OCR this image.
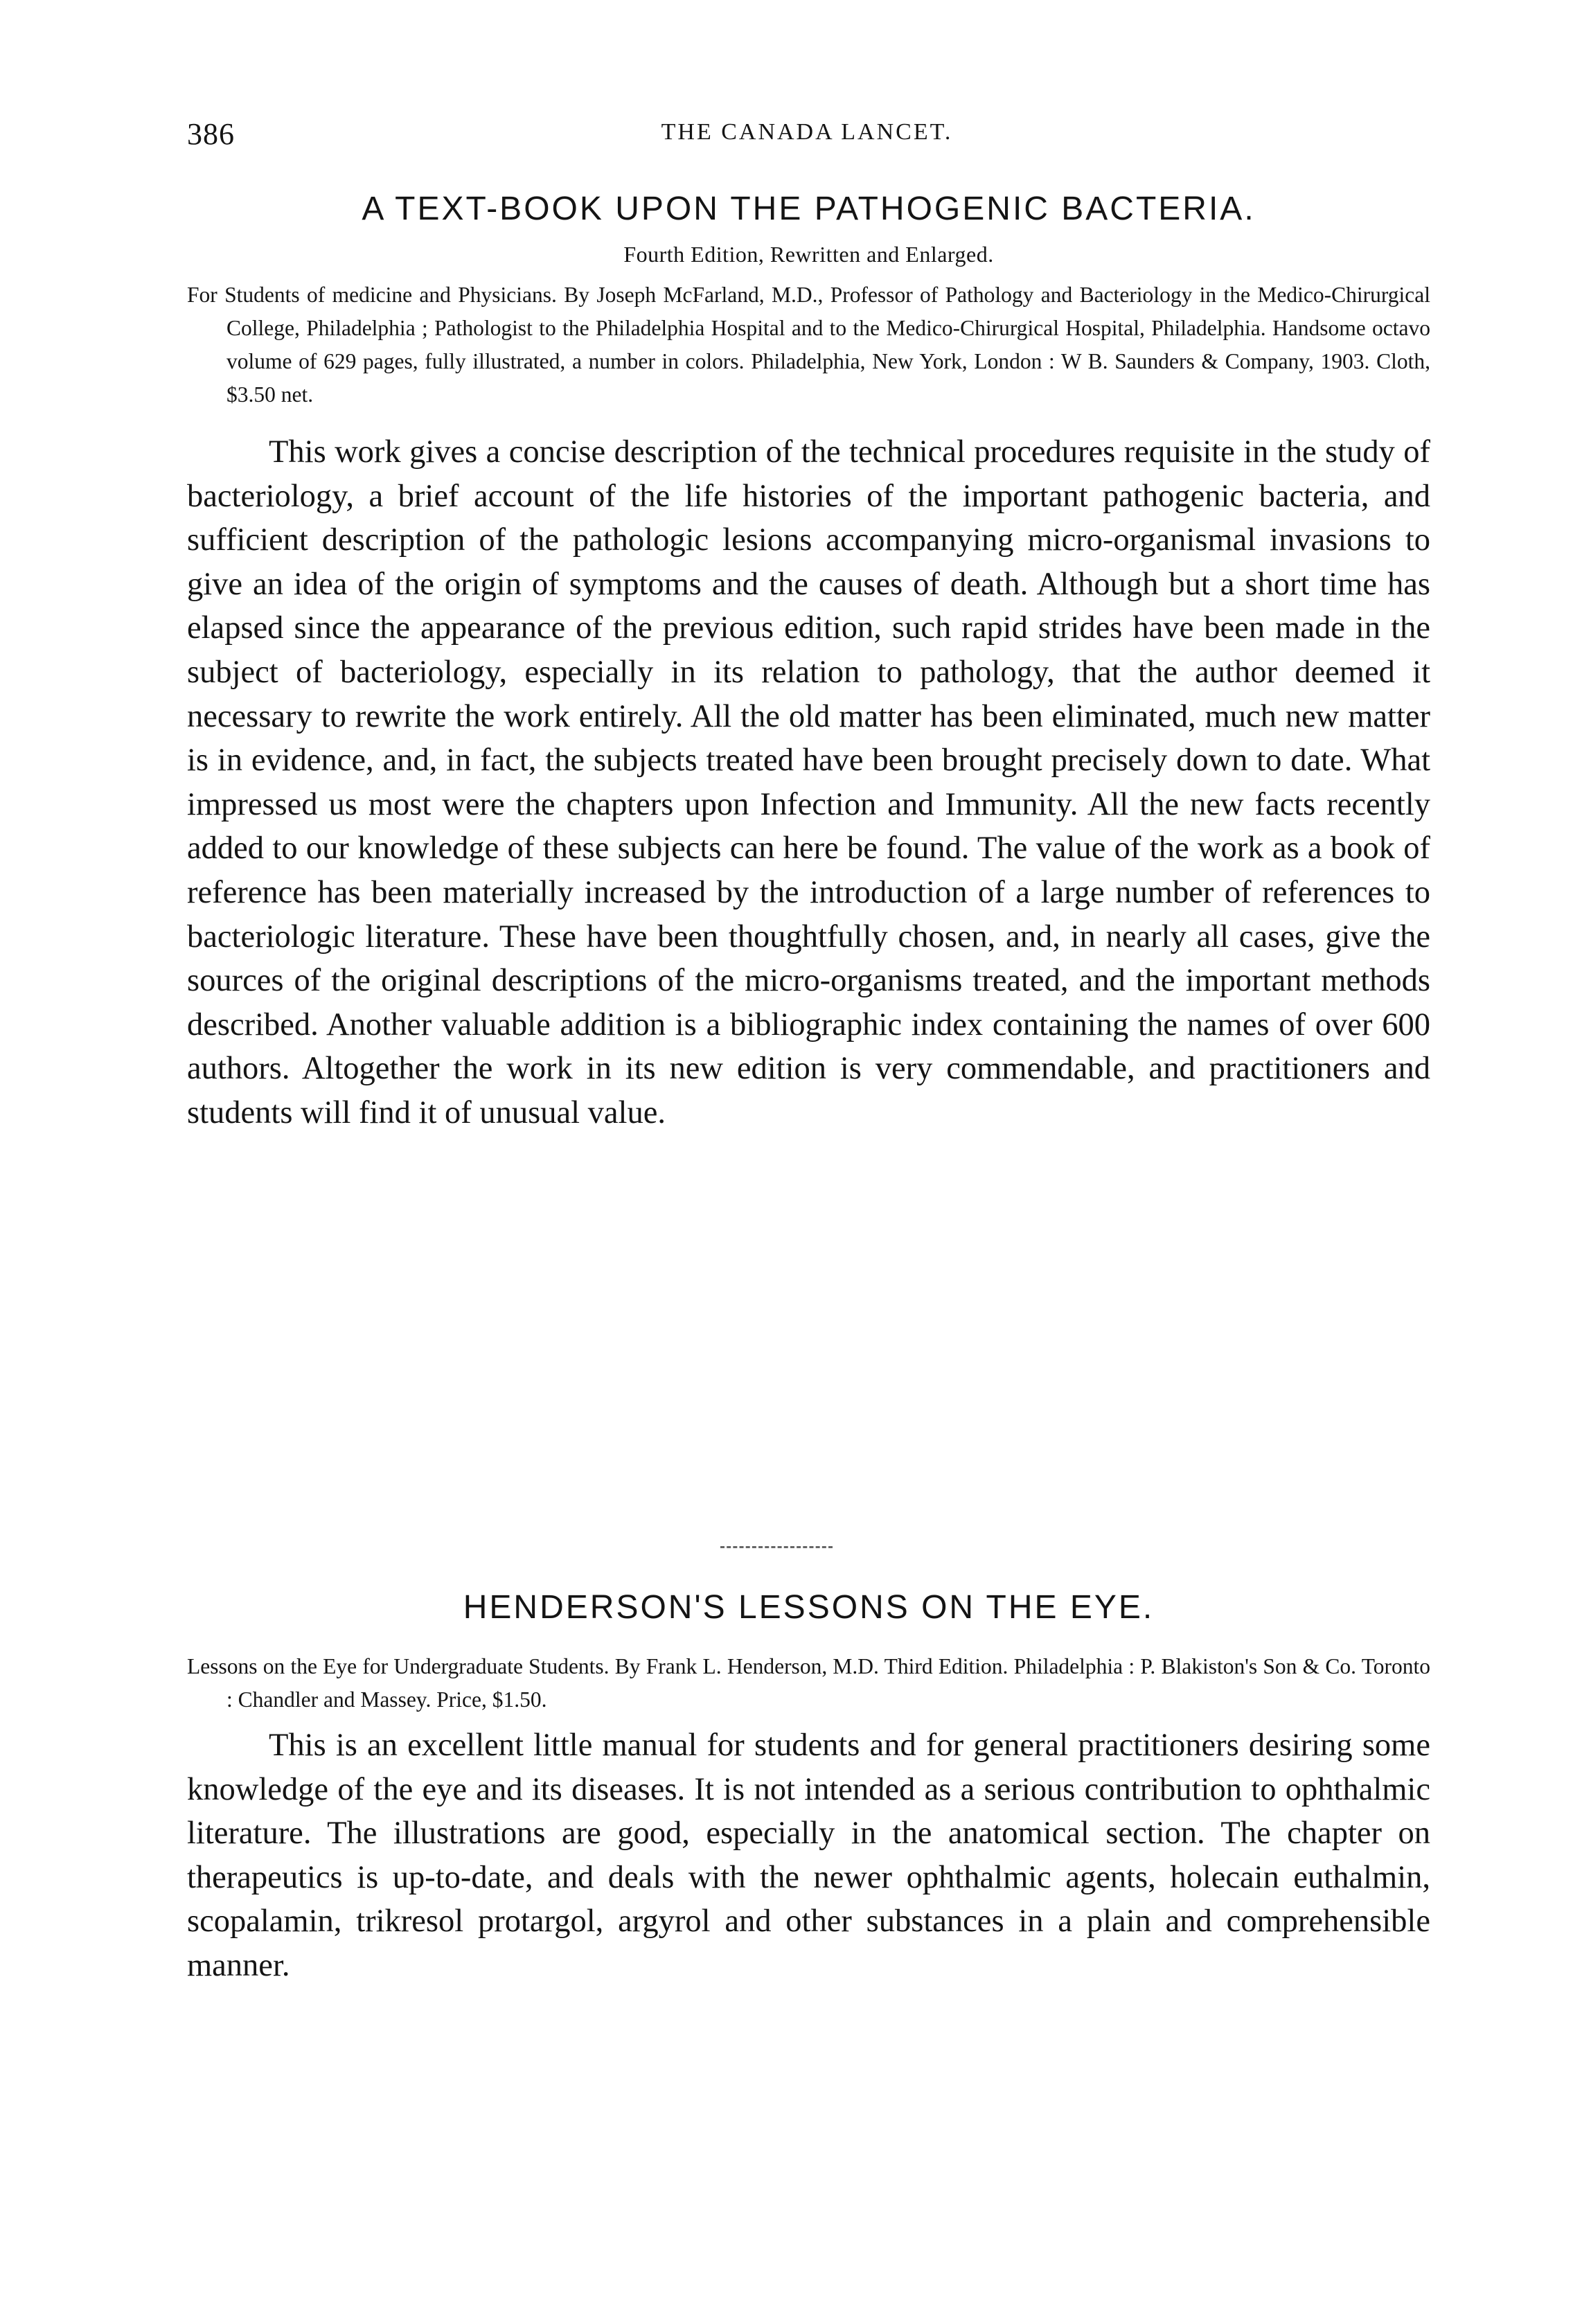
386	THE CANADA LANCET.
A TEXT-BOOK UPON THE PATHOGENIC BACTERIA.
Fourth Edition, Rewritten and Enlarged.
For Students of medicine and Physicians. By Joseph McFarland, M.D., Professor of Pathology and Bacteriology in the Medico-Chirurgical College, Philadelphia ; Pathologist to the Philadelphia Hospital and to the Medico-Chirurgical Hospital, Philadelphia. Handsome octavo volume of 629 pages, fully illustrated, a number in colors. Philadelphia, New York, London : W B. Saunders & Company, 1903. Cloth, $3.50 net.

This work gives a concise description of the technical procedures requisite in the study of bacteriology, a brief account of the life histories of the important pathogenic bacteria, and sufficient description of the pathologic lesions accompanying micro-organismal invasions to give an idea of the origin of symptoms and the causes of death. Although but a short time has elapsed since the appearance of the previous edition, such rapid strides have been made in the subject of bacteriology, especially in its relation to pathology, that the author deemed it necessary to rewrite the work entirely. All the old matter has been eliminated, much new matter is in evidence, and, in fact, the subjects treated have been brought precisely down to date. What impressed us most were the chapters upon Infection and Immunity. All the new facts recently added to our knowledge of these subjects can here be found. The value of the work as a book of reference has been materially increased by the introduction of a large number of references to bacteriologic literature. These have been thoughtfully chosen, and, in nearly all cases, give the sources of the original descriptions of the micro-organisms treated, and the important methods described. Another valuable addition is a bibliographic index containing the names of over 600 authors. Altogether the work in its new edition is very commendable, and practitioners and students will find it of unusual value.

HENDERSON'S LESSONS ON THE EYE.
Lessons on the Eye for Undergraduate Students. By Frank L. Henderson, M.D. Third Edition. Philadelphia : P. Blakiston's Son & Co. Toronto : Chandler and Massey. Price, $1.50.

This is an excellent little manual for students and for general practitioners desiring some knowledge of the eye and its diseases. It is not intended as a serious contribution to ophthalmic literature. The illustrations are good, especially in the anatomical section. The chapter on therapeutics is up-to-date, and deals with the newer ophthalmic agents, holecain euthalmin, scopalamin, trikresol protargol, argyrol and other substances in a plain and comprehensible manner.
